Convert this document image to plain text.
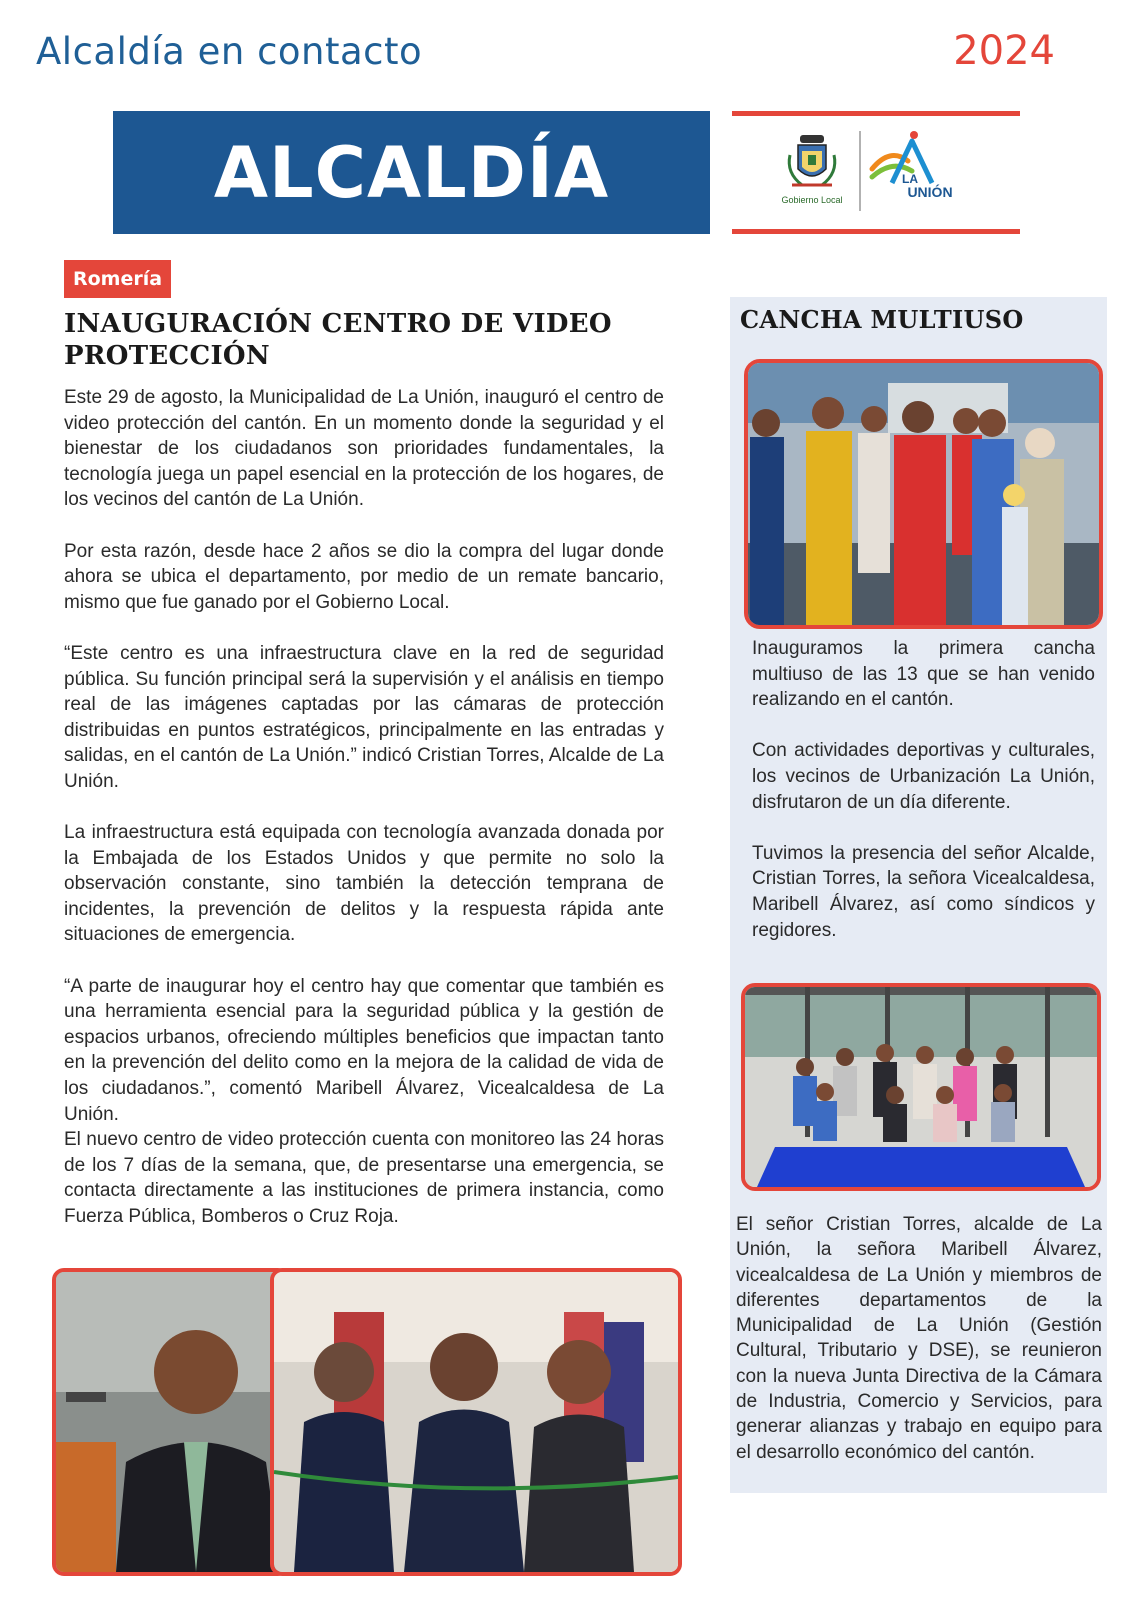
Alcaldía en contacto	2024
ALCALDÍA	Gobierno Local
LA
UNIÓN
Romería
INAUGURACIÓN CENTRO DE VIDEO PROTECCIÓN

Este 29 de agosto, la Municipalidad de La Unión, inauguró el centro de video protección del cantón. En un momento donde la seguridad y el bienestar de los ciudadanos son prioridades fundamentales, la tecnología juega un papel esencial en la protección de los hogares, de los vecinos del cantón de La Unión.

Por esta razón, desde hace 2 años se dio la compra del lugar donde ahora se ubica el departamento, por medio de un remate bancario, mismo que fue ganado por el Gobierno Local.

“Este centro es una infraestructura clave en la red de seguridad pública. Su función principal será la supervisión y el análisis en tiempo real de las imágenes captadas por las cámaras de protección distribuidas en puntos estratégicos, principalmente en las entradas y salidas, en el cantón de La Unión.” indicó Cristian Torres, Alcalde de La Unión.

La infraestructura está equipada con tecnología avanzada donada por la Embajada de los Estados Unidos y que permite no solo la observación constante, sino también la detección temprana de incidentes, la prevención de delitos y la respuesta rápida ante situaciones de emergencia.

“A parte de inaugurar hoy el centro hay que comentar que también es una herramienta esencial para la seguridad pública y la gestión de espacios urbanos, ofreciendo múltiples beneficios que impactan tanto en la prevención del delito como en la mejora de la calidad de vida de los ciudadanos.”, comentó Maribell Álvarez, Vicealcaldesa de La Unión.

El nuevo centro de video protección cuenta con monitoreo las 24 horas de los 7 días de la semana, que, de presentarse una emergencia, se contacta directamente a las instituciones de primera instancia, como Fuerza Pública, Bomberos o Cruz Roja.

CANCHA MULTIUSO

Inauguramos la primera cancha multiuso de las 13 que se han venido realizando en el cantón.

Con actividades deportivas y culturales, los vecinos de Urbanización La Unión, disfrutaron de un día diferente.

Tuvimos la presencia del señor Alcalde, Cristian Torres, la señora Vicealcaldesa, Maribell Álvarez, así como síndicos y regidores.

El señor Cristian Torres, alcalde de La Unión, la señora Maribell Álvarez, vicealcaldesa de La Unión y miembros de diferentes departamentos de la Municipalidad de La Unión (Gestión Cultural, Tributario y DSE), se reunieron con la nueva Junta Directiva de la Cámara de Industria, Comercio y Servicios, para generar alianzas y trabajo en equipo para el desarrollo económico del cantón.
